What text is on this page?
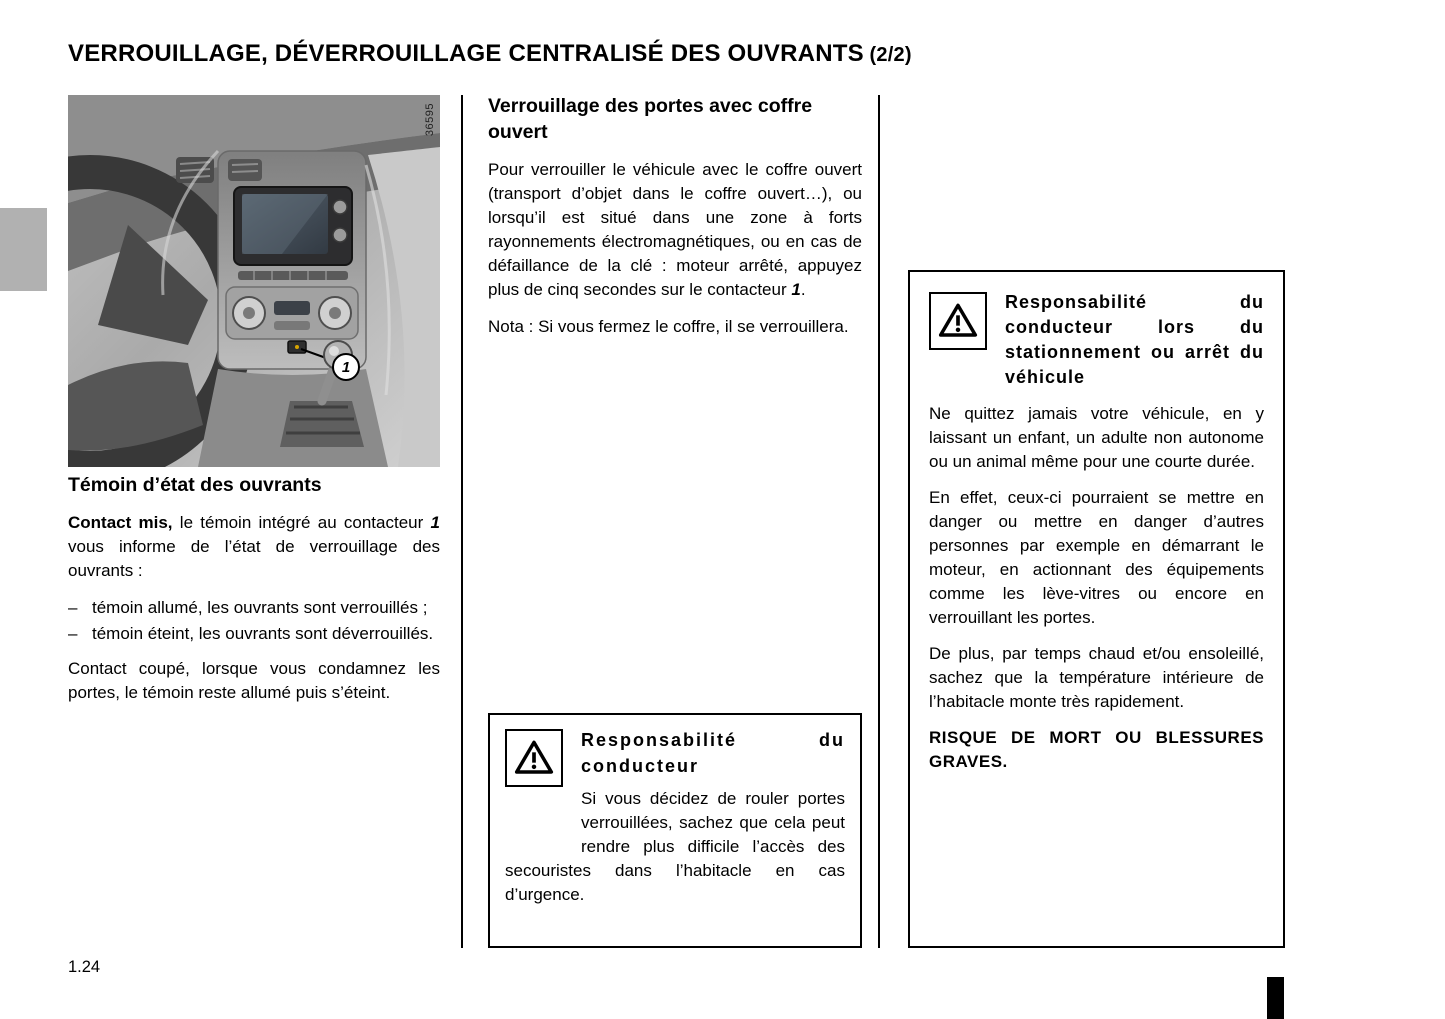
VERROUILLAGE, DÉVERROUILLAGE CENTRALISÉ DES OUVRANTS (2/2)
36595
1
Témoin d’état des ouvrants

Contact mis, le témoin intégré au contacteur 1 vous informe de l’état de verrouillage des ouvrants :

– témoin allumé, les ouvrants sont verrouillés ;
– témoin éteint, les ouvrants sont déverrouillés.

Contact coupé, lorsque vous condamnez les portes, le témoin reste allumé puis s’éteint.

Verrouillage des portes avec coffre ouvert

Pour verrouiller le véhicule avec le coffre ouvert (transport d’objet dans le coffre ouvert…), ou lorsqu’il est situé dans une zone à forts rayonnements électromagnétiques, ou en cas de défaillance de la clé : moteur arrêté, appuyez plus de cinq secondes sur le contacteur 1.

Nota : Si vous fermez le coffre, il se verrouillera.

Responsabilité du conducteur

Si vous décidez de rouler portes verrouillées, sachez que cela peut rendre plus difficile l’accès des secouristes dans l’habitacle en cas d’urgence.

Responsabilité du conducteur lors du stationnement ou arrêt du véhicule

Ne quittez jamais votre véhicule, en y laissant un enfant, un adulte non autonome ou un animal même pour une courte durée.

En effet, ceux-ci pourraient se mettre en danger ou mettre en danger d’autres personnes par exemple en démarrant le moteur, en actionnant des équipements comme les lève-vitres ou encore en verrouillant les portes.

De plus, par temps chaud et/ou ensoleillé, sachez que la température intérieure de l’habitacle monte très rapidement.

RISQUE DE MORT OU BLESSURES GRAVES.

1.24
